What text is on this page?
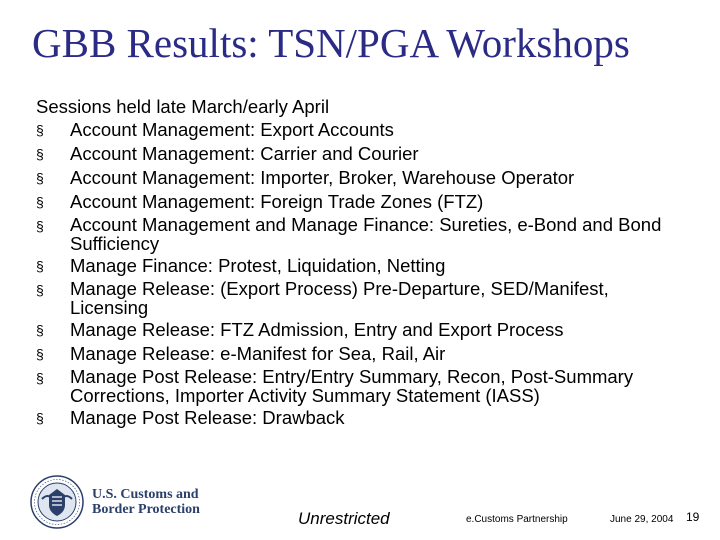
GBB Results: TSN/PGA Workshops
Sessions held late March/early April
§	Account Management: Export Accounts
§	Account Management: Carrier and Courier
§	Account Management: Importer, Broker, Warehouse Operator
§	Account Management: Foreign Trade Zones (FTZ)
§	Account Management and Manage Finance: Sureties, e-Bond and Bond Sufficiency
§	Manage Finance: Protest, Liquidation, Netting
§	Manage Release: (Export Process) Pre-Departure, SED/Manifest, Licensing
§	Manage Release: FTZ Admission, Entry and Export Process
§	Manage Release: e-Manifest for Sea, Rail, Air
§	Manage Post Release: Entry/Entry Summary, Recon, Post-Summary Corrections, Importer Activity Summary Statement (IASS)
§	Manage Post Release: Drawback
U.S. Customs and
Border Protection	Unrestricted	e.Customs Partnership	June 29, 2004 19
